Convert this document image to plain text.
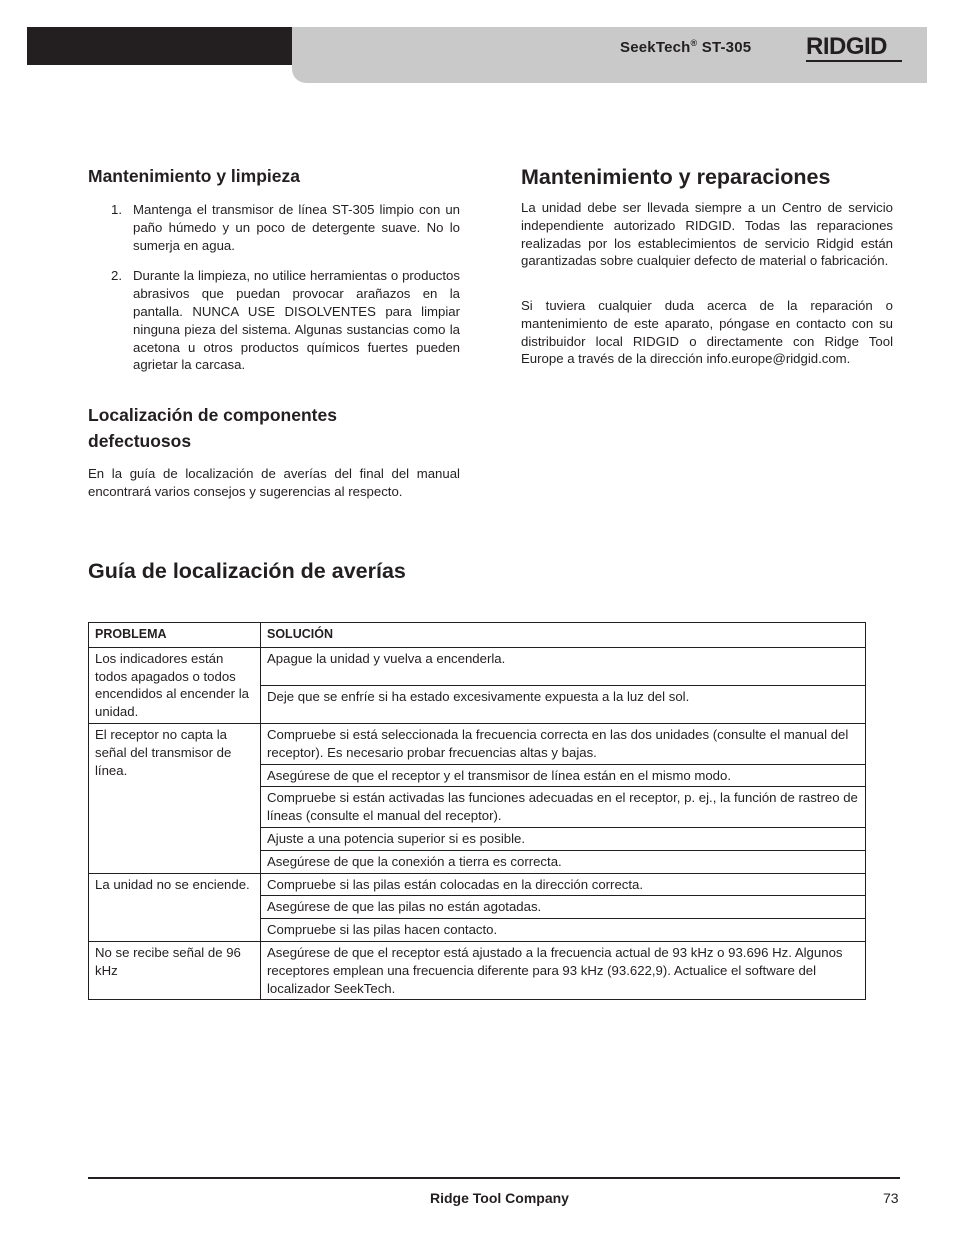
SeekTech® ST-305 RIDGID
Mantenimiento y limpieza
1. Mantenga el transmisor de línea ST-305 limpio con un paño húmedo y un poco de detergente suave. No lo sumerja en agua.
2. Durante la limpieza, no utilice herramientas o productos abrasivos que puedan provocar arañazos en la pantalla. NUNCA USE DISOLVENTES para limpiar ninguna pieza del sistema. Algunas sustancias como la acetona u otros productos químicos fuertes pueden agrietar la carcasa.
Localización de componentes defectuosos
En la guía de localización de averías del final del manual encontrará varios consejos y sugerencias al respecto.
Mantenimiento y reparaciones
La unidad debe ser llevada siempre a un Centro de servicio independiente autorizado RIDGID. Todas las reparaciones realizadas por los establecimientos de servicio Ridgid están garantizadas sobre cualquier defecto de material o fabricación.
Si tuviera cualquier duda acerca de la reparación o mantenimiento de este aparato, póngase en contacto con su distribuidor local RIDGID o directamente con Ridge Tool Europe a través de la dirección info.europe@ridgid.com.
Guía de localización de averías
PROBLEMA	SOLUCIÓN
Los indicadores están todos apagados o todos encendidos al encender la unidad.	Apague la unidad y vuelva a encenderla.
	Deje que se enfríe si ha estado excesivamente expuesta a la luz del sol.
El receptor no capta la señal del transmisor de línea.	Compruebe si está seleccionada la frecuencia correcta en las dos unidades (consulte el manual del receptor). Es necesario probar frecuencias altas y bajas.
	Asegúrese de que el receptor y el transmisor de línea están en el mismo modo.
	Compruebe si están activadas las funciones adecuadas en el receptor, p. ej., la función de rastreo de líneas (consulte el manual del receptor).
	Ajuste a una potencia superior si es posible.
	Asegúrese de que la conexión a tierra es correcta.
La unidad no se enciende.	Compruebe si las pilas están colocadas en la dirección correcta.
	Asegúrese de que las pilas no están agotadas.
	Compruebe si las pilas hacen contacto.
No se recibe señal de 96 kHz	Asegúrese de que el receptor está ajustado a la frecuencia actual de 93 kHz o 93.696 Hz. Algunos receptores emplean una frecuencia diferente para 93 kHz (93.622,9). Actualice el software del localizador SeekTech.
Ridge Tool Company	73
